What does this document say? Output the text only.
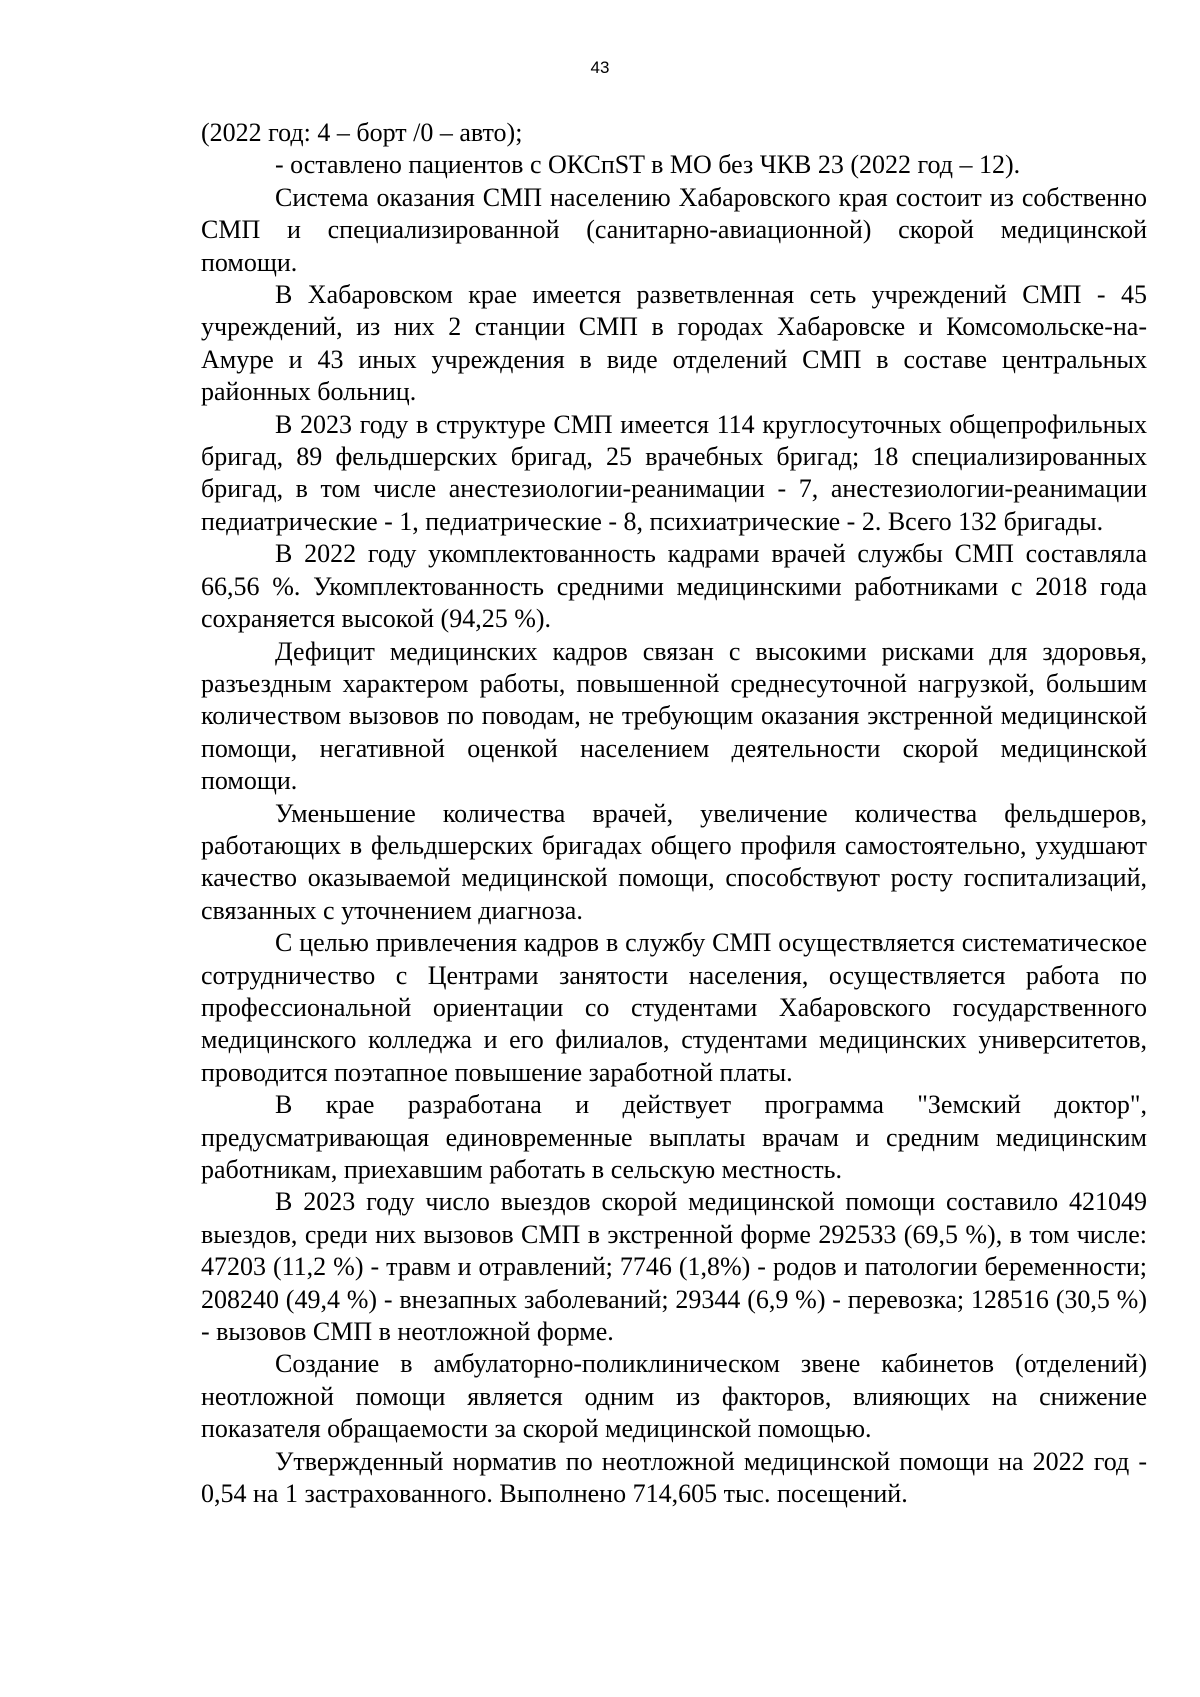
43

(2022 год: 4 – борт /0 – авто);

- оставлено пациентов с ОКСпST в МО без ЧКВ 23 (2022 год – 12).

Система оказания СМП населению Хабаровского края состоит из собственно СМП и специализированной (санитарно-авиационной) скорой медицинской помощи.

В Хабаровском крае имеется разветвленная сеть учреждений СМП - 45 учреждений, из них 2 станции СМП в городах Хабаровске и Комсомольске-на-Амуре и 43 иных учреждения в виде отделений СМП в составе центральных районных больниц.

В 2023 году в структуре СМП имеется 114 круглосуточных общепрофильных бригад, 89 фельдшерских бригад, 25 врачебных бригад; 18 специализированных бригад, в том числе анестезиологии-реанимации - 7, анестезиологии-реанимации педиатрические - 1, педиатрические - 8, психиатрические - 2. Всего 132 бригады.

В 2022 году укомплектованность кадрами врачей службы СМП составляла 66,56 %. Укомплектованность средними медицинскими работниками с 2018 года сохраняется высокой (94,25 %).

Дефицит медицинских кадров связан с высокими рисками для здоровья, разъездным характером работы, повышенной среднесуточной нагрузкой, большим количеством вызовов по поводам, не требующим оказания экстренной медицинской помощи, негативной оценкой населением деятельности скорой медицинской помощи.

Уменьшение количества врачей, увеличение количества фельдшеров, работающих в фельдшерских бригадах общего профиля самостоятельно, ухудшают качество оказываемой медицинской помощи, способствуют росту госпитализаций, связанных с уточнением диагноза.

С целью привлечения кадров в службу СМП осуществляется систематическое сотрудничество с Центрами занятости населения, осуществляется работа по профессиональной ориентации со студентами Хабаровского государственного медицинского колледжа и его филиалов, студентами медицинских университетов, проводится поэтапное повышение заработной платы.

В крае разработана и действует программа "Земский доктор", предусматривающая единовременные выплаты врачам и средним медицинским работникам, приехавшим работать в сельскую местность.

В 2023 году число выездов скорой медицинской помощи составило 421049 выездов, среди них вызовов СМП в экстренной форме 292533 (69,5 %), в том числе: 47203 (11,2 %) - травм и отравлений; 7746 (1,8%) - родов и патологии беременности; 208240 (49,4 %) - внезапных заболеваний; 29344 (6,9 %) - перевозка; 128516 (30,5 %) - вызовов СМП в неотложной форме.

Создание в амбулаторно-поликлиническом звене кабинетов (отделений) неотложной помощи является одним из факторов, влияющих на снижение показателя обращаемости за скорой медицинской помощью.

Утвержденный норматив по неотложной медицинской помощи на 2022 год - 0,54 на 1 застрахованного. Выполнено 714,605 тыс. посещений.
